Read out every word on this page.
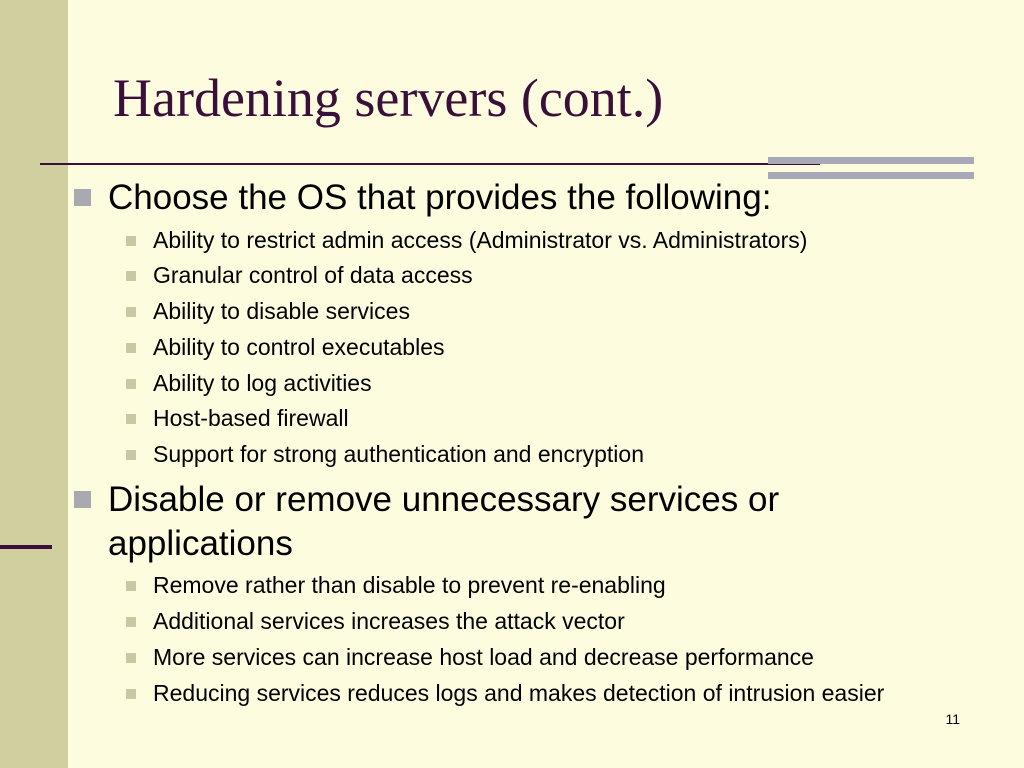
Hardening servers (cont.)
Choose the OS that provides the following:
Ability to restrict admin access (Administrator vs. Administrators)
Granular control of data access
Ability to disable services
Ability to control executables
Ability to log activities
Host-based firewall
Support for strong authentication and encryption
Disable or remove unnecessary services or applications
Remove rather than disable to prevent re-enabling
Additional services increases the attack vector
More services can increase host load and decrease performance
Reducing services reduces logs and makes detection of intrusion easier
11
